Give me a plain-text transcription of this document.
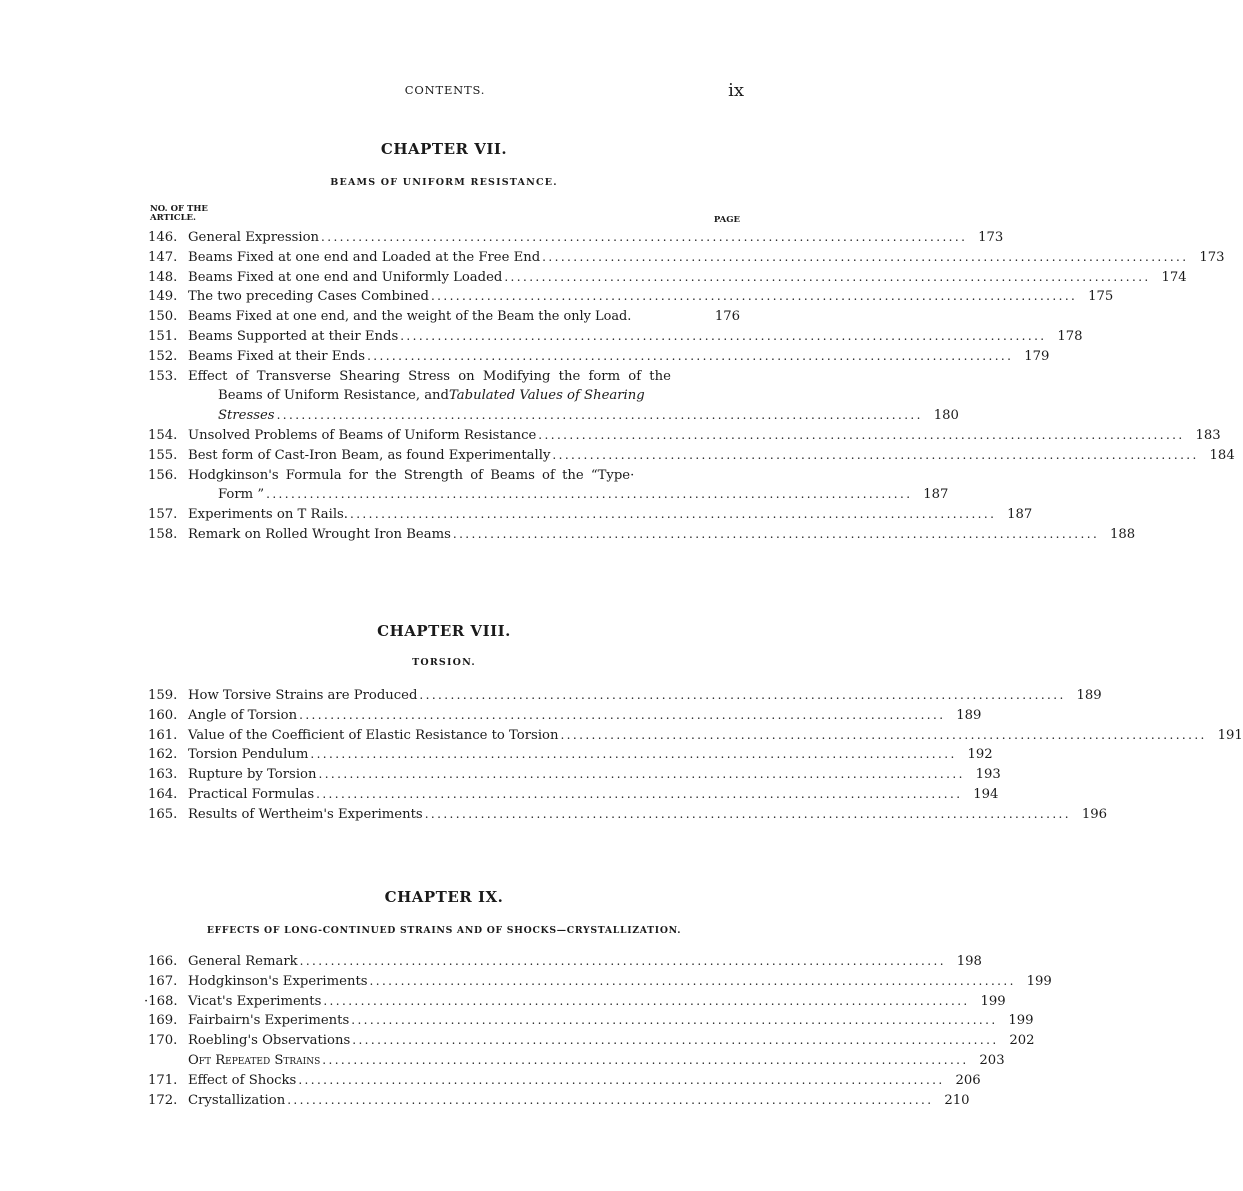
CONTENTS.	ix
CHAPTER VII.
BEAMS OF UNIFORM RESISTANCE.
NO. OF THE
ARTICLE.	PAGE
146. General Expression ........................................................................................................ 173
147. Beams Fixed at one end and Loaded at the Free End ........................................................................................................ 173
148. Beams Fixed at one end and Uniformly Loaded ........................................................................................................ 174
149. The two preceding Cases Combined ........................................................................................................ 175
150. Beams Fixed at one end, and the weight of the Beam the only Load.	176
151. Beams Supported at their Ends ........................................................................................................ 178
152. Beams Fixed at their Ends ........................................................................................................ 179
153. Effect of Transverse Shearing Stress on Modifying the form of the
Beams of Uniform Resistance, and Tabulated Values of Shearing
Stresses ........................................................................................................ 180
154. Unsolved Problems of Beams of Uniform Resistance ........................................................................................................ 183
155. Best form of Cast-Iron Beam, as found Experimentally ........................................................................................................ 184
156. Hodgkinson's Formula for the Strength of Beams of the “Type·
Form ” ........................................................................................................ 187
157. Experiments on T Rails. ........................................................................................................ 187
158. Remark on Rolled Wrought Iron Beams ........................................................................................................ 188
CHAPTER VIII.
TORSION.
159. How Torsive Strains are Produced ........................................................................................................ 189
160. Angle of Torsion ........................................................................................................ 189
161. Value of the Coefficient of Elastic Resistance to Torsion ........................................................................................................ 191
162. Torsion Pendulum ........................................................................................................ 192
163. Rupture by Torsion ........................................................................................................ 193
164. Practical Formulas ........................................................................................................ 194
165. Results of Wertheim's Experiments ........................................................................................................ 196
CHAPTER IX.
EFFECTS OF LONG-CONTINUED STRAINS AND OF SHOCKS—CRYSTALLIZATION.
166. General Remark ........................................................................................................ 198
167. Hodgkinson's Experiments ........................................................................................................ 199
·168. Vicat's Experiments ........................................................................................................ 199
169. Fairbairn's Experiments ........................................................................................................ 199
170. Roebling's Observations ........................................................................................................ 202
Oft Repeated Strains ........................................................................................................ 203
171. Effect of Shocks ........................................................................................................ 206
172. Crystallization ........................................................................................................ 210
